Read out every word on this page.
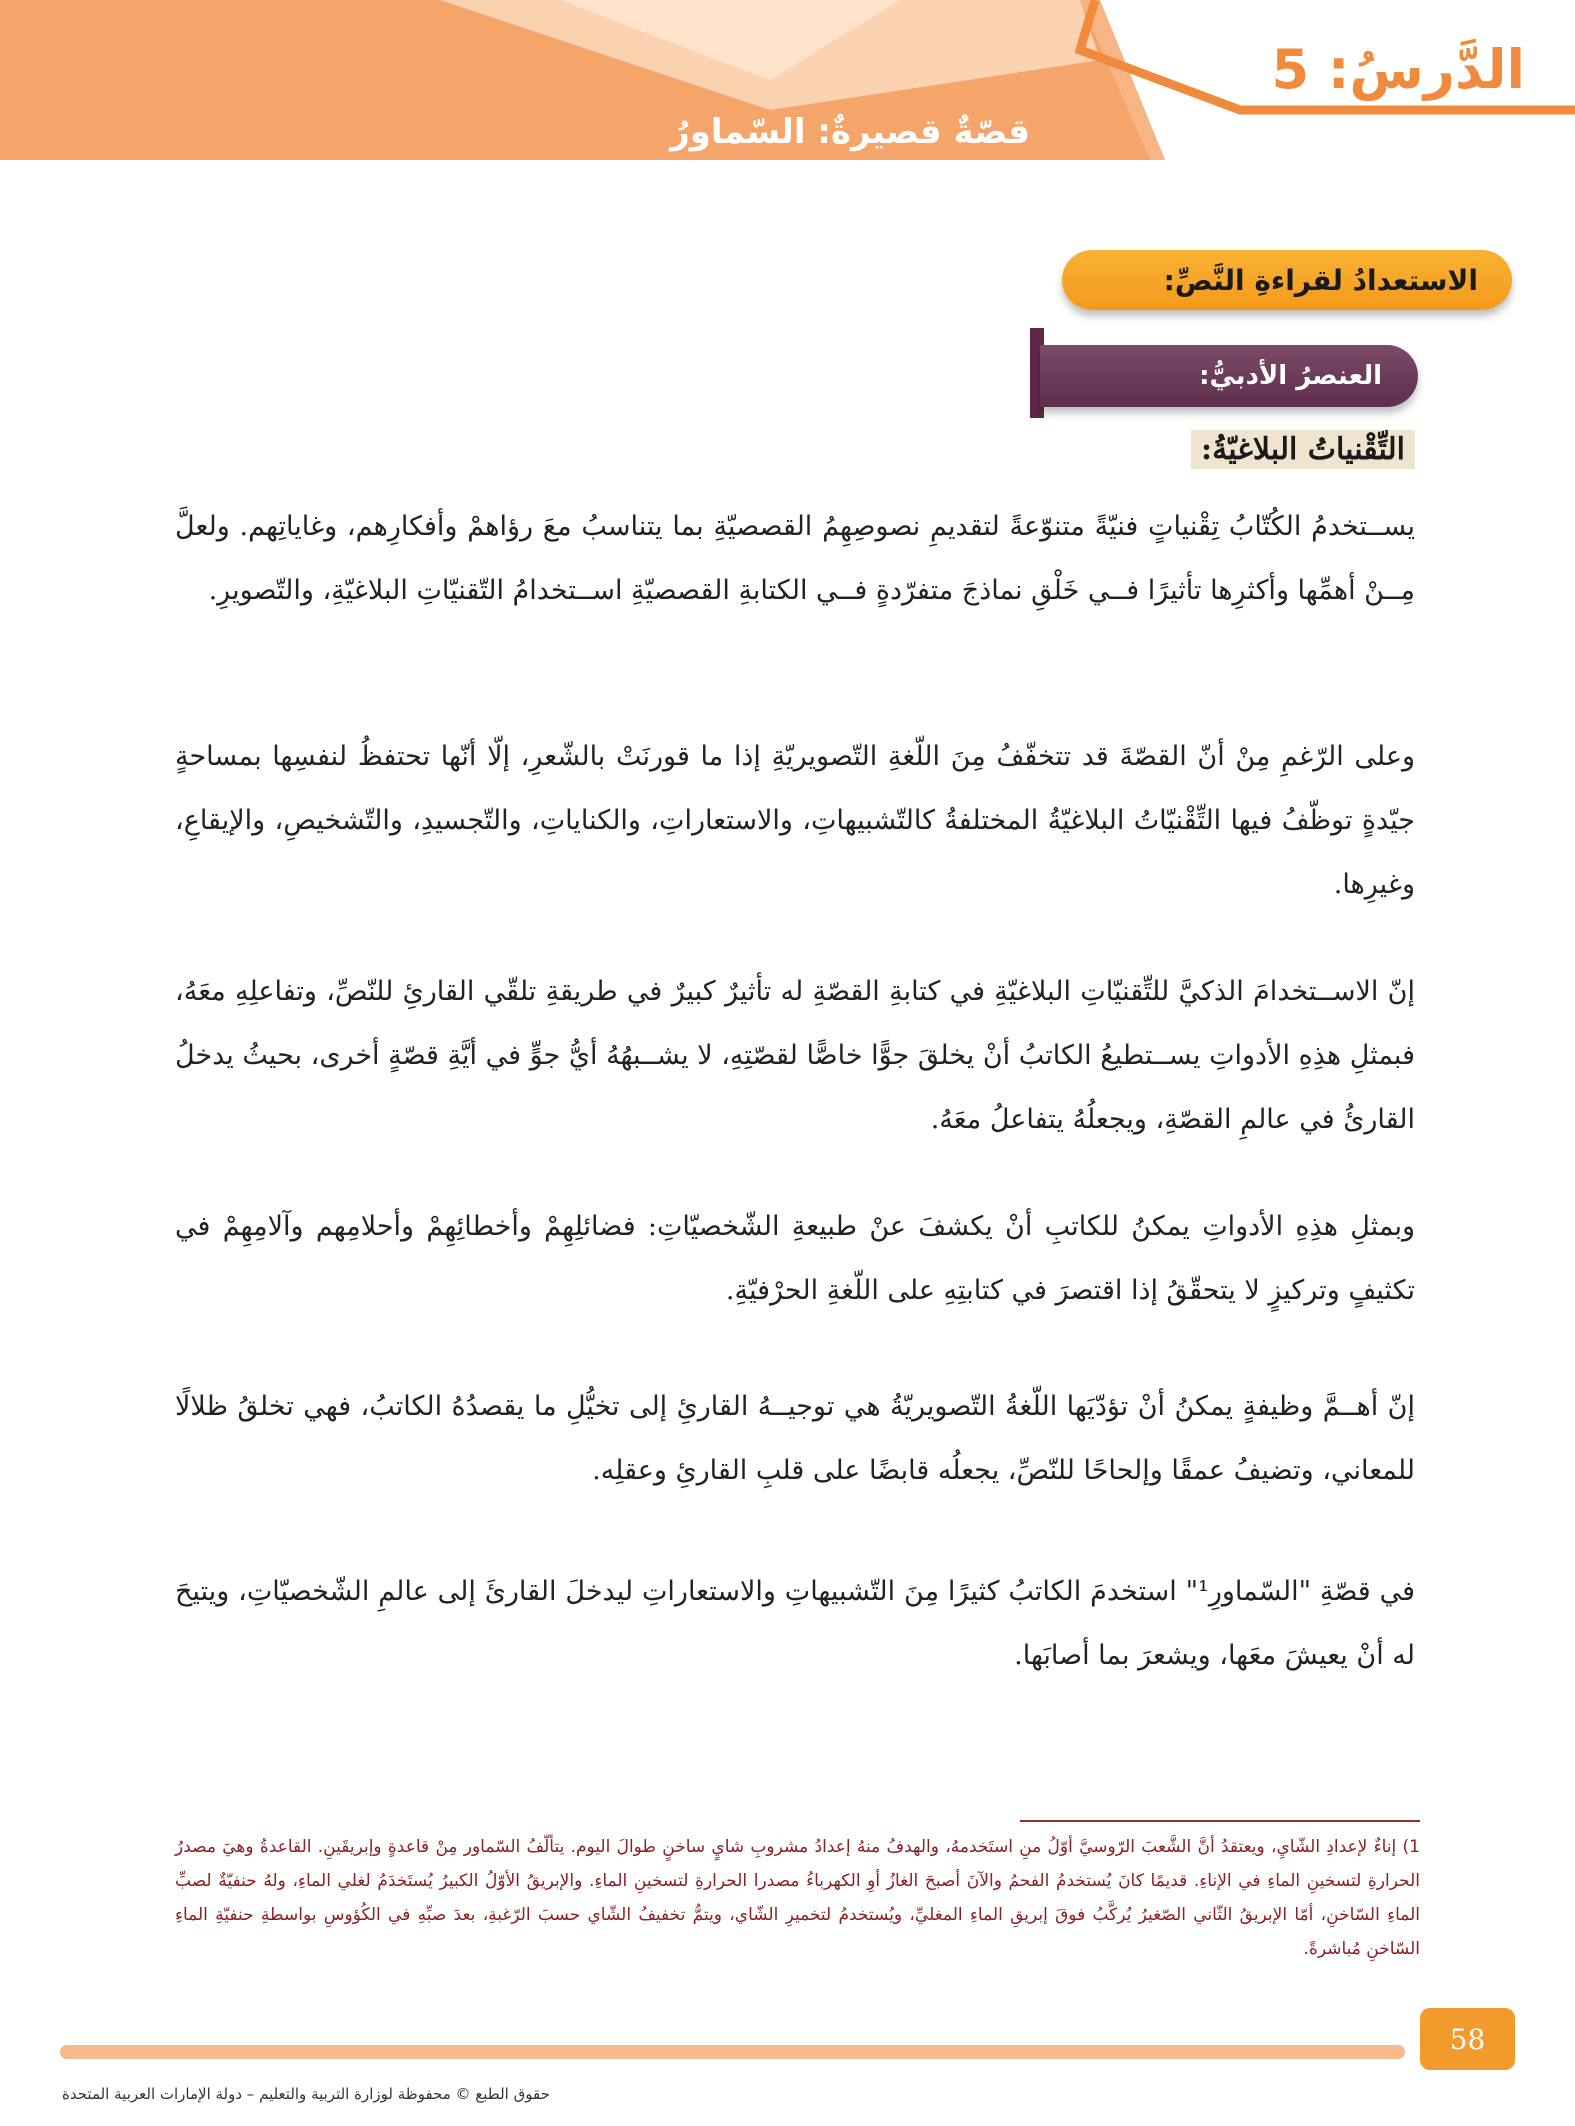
الدَّرسُ: 5
قصّةٌ قصيرةٌ: السّماورُ
الاستعدادُ لقراءةِ النَّصِّ:
العنصرُ الأدبيُّ:
التِّقْنياتُ البلاغيّةُ:

يســتخدمُ الكُتّابُ تِقْنياتٍ فنيّةً متنوّعةً لتقديمِ نصوصِهِمُ القصصيّةِ بما يتناسبُ معَ رؤاهمْ وأفكارِهم، وغاياتِهم. ولعلَّ مِــنْ أهمِّها وأكثرِها تأثيرًا فــي خَلْقِ نماذجَ متفرّدةٍ فــي الكتابةِ القصصيّةِ اســتخدامُ التّقنيّاتِ البلاغيّةِ، والتّصويرِ.

وعلى الرّغمِ مِنْ أنّ القصّةَ قد تتخفّفُ مِنَ اللّغةِ التّصويريّةِ إذا ما قورنَتْ بالشّعرِ، إلّا أنّها تحتفظُ لنفسِها بمساحةٍ جيّدةٍ توظّفُ فيها التِّقْنيّاتُ البلاغيّةُ المختلفةُ كالتّشبيهاتِ، والاستعاراتِ، والكناياتِ، والتّجسيدِ، والتّشخيصِ، والإيقاعِ، وغيرِها.

إنّ الاســتخدامَ الذكيَّ للتِّقنيّاتِ البلاغيّةِ في كتابةِ القصّةِ له تأثيرٌ كبيرٌ في طريقةِ تلقّي القارئِ للنّصِّ، وتفاعلِهِ معَهُ، فبمثلِ هذِهِ الأدواتِ يســتطيعُ الكاتبُ أنْ يخلقَ جوًّا خاصًّا لقصّتِهِ، لا يشــبهُهُ أيُّ جوٍّ في أيَّةِ قصّةٍ أخرى، بحيثُ يدخلُ القارئُ في عالمِ القصّةِ، ويجعلُهُ يتفاعلُ معَهُ.

وبمثلِ هذِهِ الأدواتِ يمكنُ للكاتبِ أنْ يكشفَ عنْ طبيعةِ الشّخصيّاتِ: فضائلِهِمْ وأخطائِهِمْ وأحلامِهم وآلامِهِمْ في تكثيفٍ وتركيزٍ لا يتحقّقُ إذا اقتصرَ في كتابتِهِ على اللّغةِ الحرْفيّةِ.

إنّ أهــمَّ وظيفةٍ يمكنُ أنْ تؤدّيَها اللّغةُ التّصويريّةُ هي توجيــهُ القارئِ إلى تخيُّلِ ما يقصدُهُ الكاتبُ، فهي تخلقُ ظلالًا للمعاني، وتضيفُ عمقًا وإلحاحًا للنّصِّ، يجعلُه قابضًا على قلبِ القارئِ وعقلِه.

في قصّةِ "السّماورِ¹" استخدمَ الكاتبُ كثيرًا مِنَ التّشبيهاتِ والاستعاراتِ ليدخلَ القارئَ إلى عالمِ الشّخصيّاتِ، ويتيحَ له أنْ يعيشَ معَها، ويشعرَ بما أصابَها.

1) إناءٌ لإعدادِ الشّايِ، ويعتقدُ أنَّ الشَّعبَ الرّوسيَّ أوّلُ منِ استَخدمهُ، والهدفُ منهُ إعدادُ مشروبِ شايٍ ساخنٍ طوالَ اليوم. يتألّفُ السّماور مِنْ قاعدةٍ وإبريقَينِ. القاعدةُ وهيَ مصدرُ الحرارةِ لتسخينِ الماءِ في الإناءِ. قديمًا كانَ يُستخدمُ الفحمُ والآنَ أصبحَ الغازُ أوِ الكهرباءُ مصدرا الحرارةِ لتسخينِ الماءِ. والإبريقُ الأوّلُ الكبيرُ يُستَخدَمُ لغلي الماءِ، ولهُ حنفيّةٌ لصبِّ الماءِ السّاخنِ، أمّا الإبريقُ الثّاني الصّغيرُ يُركَّبُ فوقَ إبريقِ الماءِ المغليِّ، ويُستخدمُ لتخميرِ الشّاي، ويتمُّ تخفيفُ الشّاي حسبَ الرّغبةِ، بعدَ صبِّهِ في الكُؤوسِ بواسطةِ حنفيّةِ الماءِ السّاخنِ مُباشرةً.

58

حقوق الطبع © محفوظة لوزارة التربية والتعليم – دولة الإمارات العربية المتحدة
